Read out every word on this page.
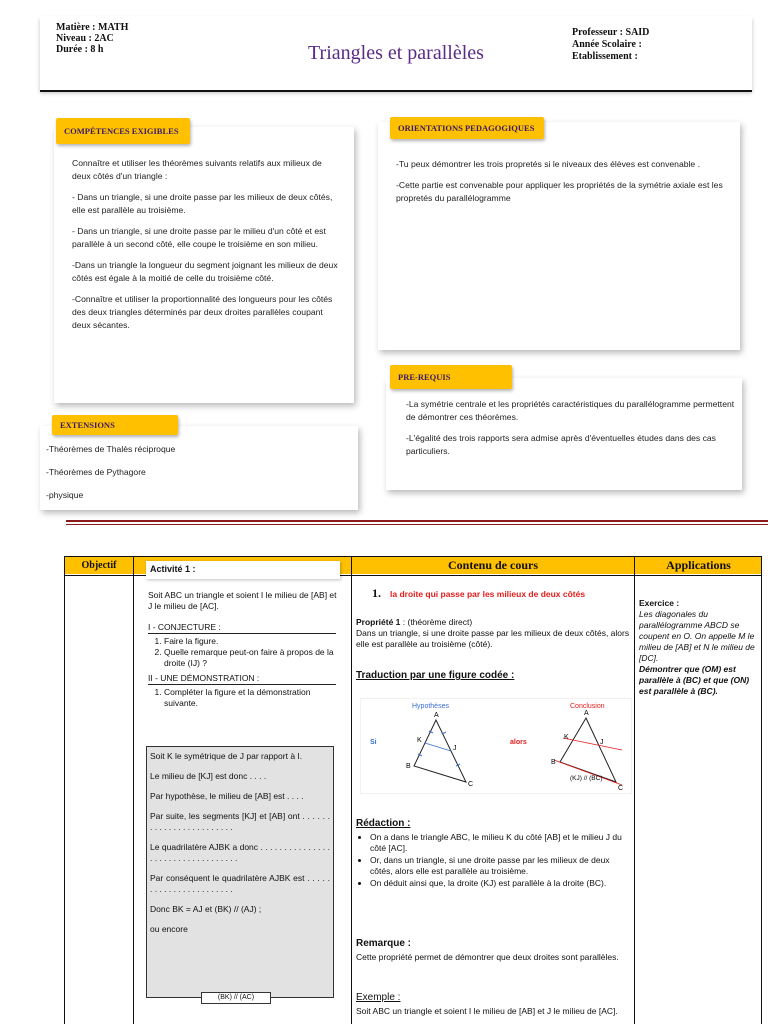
Matière : MATH
Niveau : 2AC
Durée : 8 h	Triangles et parallèles
Professeur : SAID
Année Scolaire :
Etablissement :

Connaître et utiliser les théorèmes suivants relatifs aux milieux de deux côtés d'un triangle :

- Dans un triangle, si une droite passe par les milieux de deux côtés, elle est parallèle au troisième.

- Dans un triangle, si une droite passe par le milieu d'un côté et est parallèle à un second côté, elle coupe le troisième en son milieu.

-Dans un triangle la longueur du segment joignant les milieux de deux côtés est égale à la moitié de celle du troisième côté.

-Connaître et utiliser la proportionnalité des longueurs pour les côtés des deux triangles déterminés par deux droites parallèles coupant deux sécantes.

COMPÉTENCES EXIGIBLES

-Tu peux démontrer les trois propretés si le niveaux des élèves est convenable .

-Cette partie est convenable pour appliquer les propriétés de la symétrie axiale est les propretés du parallélogramme

ORIENTATIONS PEDAGOGIQUES

-La symétrie centrale et les propriétés caractéristiques du parallélogramme permettent de démontrer ces théorèmes.

-L'égalité des trois rapports sera admise après d'éventuelles études dans des cas particuliers.

PRE-REQUIS
-Théorèmes de Thalès réciproque
-Théorèmes de Pythagore
-physique
EXTENSIONS
Objectif	Contenu de cours	Applications
Activité 1 :
Soit ABC un triangle et soient I le milieu de [AB] et J le milieu de [AC].
I - CONJECTURE :
1. Faire la figure.
2. Quelle remarque peut-on faire à propos de la droite (IJ) ?
II - UNE DÉMONSTRATION :
1. Compléter la figure et la démonstration suivante.
Soit K le symétrique de J par rapport à I.
Le milieu de [KJ] est donc . . . .
Par hypothèse, le milieu de [AB] est . . . .
Par suite, les segments [KJ] et [AB] ont . . . . . . . . . . . . . . . . . . . . . . . .
Le quadrilatère AJBK a donc . . . . . . . . . . . . . . . . . . . . . . . . . . . . . . . . . .
Par conséquent le quadrilatère AJBK est . . . . . . . . . . . . . . . . . . . . . . .
Donc BK = AJ et (BK) // (AJ) ;
ou encore
(BK) // (AC)
1. la droite qui passe par les milieux de deux côtés
Propriété 1 : (théorème direct)
Dans un triangle, si une droite passe par les milieux de deux côtés, alors elle est parallèle au troisième (côté).
Traduction par une figure codée :
Hypothèses	Conclusion
Si	alors
A
B
C
K
J
A
B
C
K
J
(KJ) // (BC)
Rédaction :
• On a dans le triangle ABC, le milieu K du côté [AB] et le milieu J du côté [AC].
• Or, dans un triangle, si une droite passe par les milieux de deux côtés, alors elle est parallèle au troisième.
• On déduit ainsi que, la droite (KJ) est parallèle à la droite (BC).
Remarque :
Cette propriété permet de démontrer que deux droites sont parallèles.
Exemple :
Soit ABC un triangle et soient I le milieu de [AB] et J le milieu de [AC].
Exercice :
Les diagonales du parallélogramme ABCD se coupent en O. On appelle M le milieu de [AB] et N le milieu de [DC].
Démontrer que (OM) est parallèle à (BC) et que (ON) est parallèle à (BC).
